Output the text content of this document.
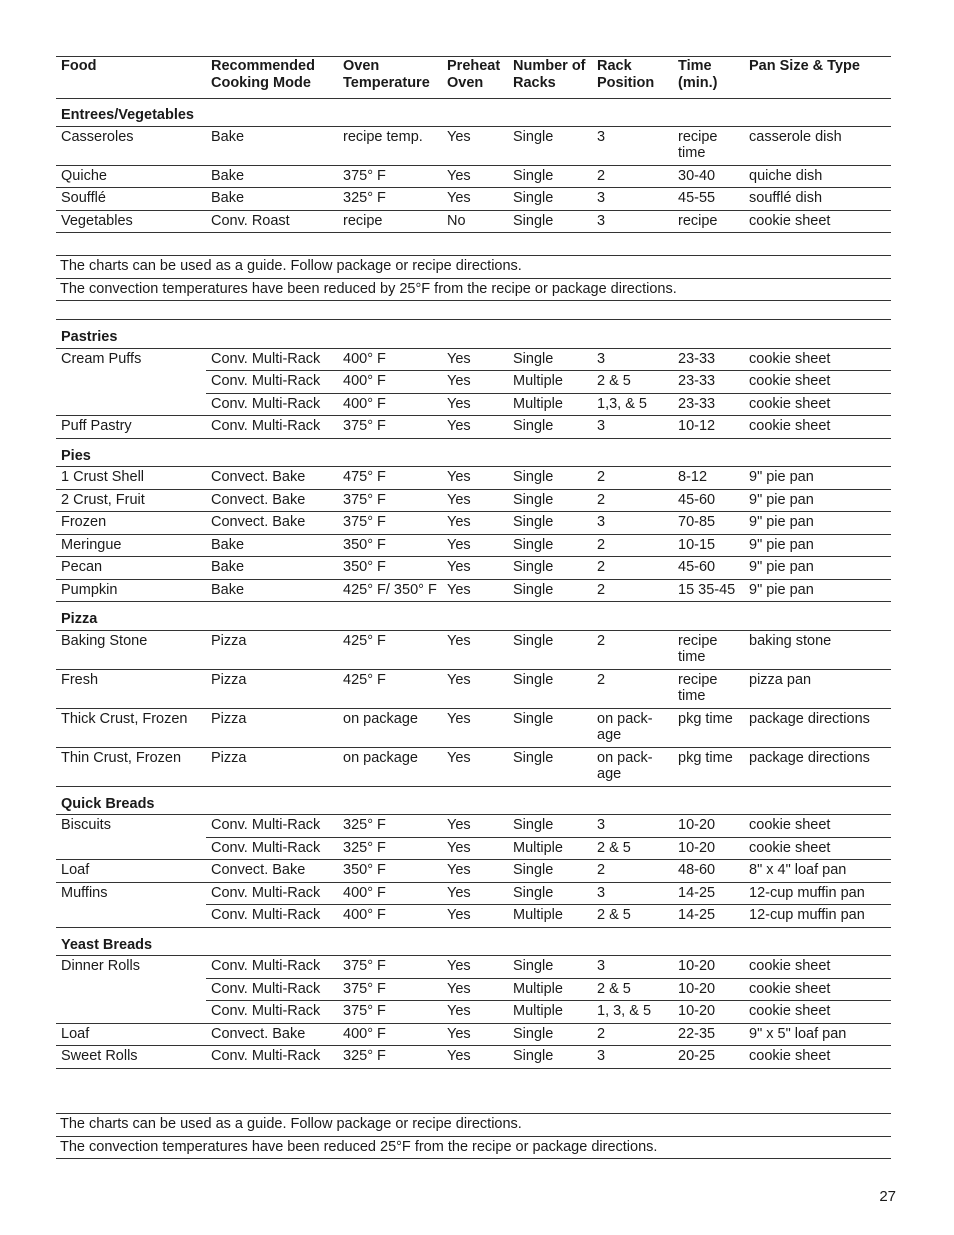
Food	Recommended Cooking Mode	Oven Temperature	Preheat Oven	Number of Racks	Rack Position	Time (min.)	Pan Size & Type
Entrees/Vegetables							
Casseroles	Bake	recipe temp.	Yes	Single	3	recipe time	casserole dish
Quiche	Bake	375° F	Yes	Single	2	30-40	quiche dish
Soufflé	Bake	325° F	Yes	Single	3	45-55	soufflé dish
Vegetables	Conv. Roast	recipe	No	Single	3	recipe	cookie sheet
The charts can be used as a guide. Follow package or recipe directions.
The convection temperatures have been reduced by 25°F from the recipe or package directions.
Pastries							
Cream Puffs	Conv. Multi-Rack	400° F	Yes	Single	3	23-33	cookie sheet
	Conv. Multi-Rack	400° F	Yes	Multiple	2 & 5	23-33	cookie sheet
	Conv. Multi-Rack	400° F	Yes	Multiple	1,3, & 5	23-33	cookie sheet
Puff Pastry	Conv. Multi-Rack	375° F	Yes	Single	3	10-12	cookie sheet
Pies							
1 Crust Shell	Convect. Bake	475° F	Yes	Single	2	8-12	9" pie pan
2 Crust, Fruit	Convect. Bake	375° F	Yes	Single	2	45-60	9" pie pan
Frozen	Convect. Bake	375° F	Yes	Single	3	70-85	9" pie pan
Meringue	Bake	350° F	Yes	Single	2	10-15	9" pie pan
Pecan	Bake	350° F	Yes	Single	2	45-60	9" pie pan
Pumpkin	Bake	425° F/ 350° F	Yes	Single	2	15 35-45	9" pie pan
Pizza							
Baking Stone	Pizza	425° F	Yes	Single	2	recipe time	baking stone
Fresh	Pizza	425° F	Yes	Single	2	recipe time	pizza pan
Thick Crust, Frozen	Pizza	on package	Yes	Single	on pack-age	pkg time	package directions
Thin Crust, Frozen	Pizza	on package	Yes	Single	on pack-age	pkg time	package directions
Quick Breads							
Biscuits	Conv. Multi-Rack	325° F	Yes	Single	3	10-20	cookie sheet
	Conv. Multi-Rack	325° F	Yes	Multiple	2 & 5	10-20	cookie sheet
Loaf	Convect. Bake	350° F	Yes	Single	2	48-60	8" x 4" loaf pan
Muffins	Conv. Multi-Rack	400° F	Yes	Single	3	14-25	12-cup muffin pan
	Conv. Multi-Rack	400° F	Yes	Multiple	2 & 5	14-25	12-cup muffin pan
Yeast Breads							
Dinner Rolls	Conv. Multi-Rack	375° F	Yes	Single	3	10-20	cookie sheet
	Conv. Multi-Rack	375° F	Yes	Multiple	2 & 5	10-20	cookie sheet
	Conv. Multi-Rack	375° F	Yes	Multiple	1, 3, & 5	10-20	cookie sheet
Loaf	Convect. Bake	400° F	Yes	Single	2	22-35	9" x 5" loaf pan
Sweet Rolls	Conv. Multi-Rack	325° F	Yes	Single	3	20-25	cookie sheet
The charts can be used as a guide. Follow package or recipe directions.
The convection temperatures have been reduced 25°F from the recipe or package directions.
27
